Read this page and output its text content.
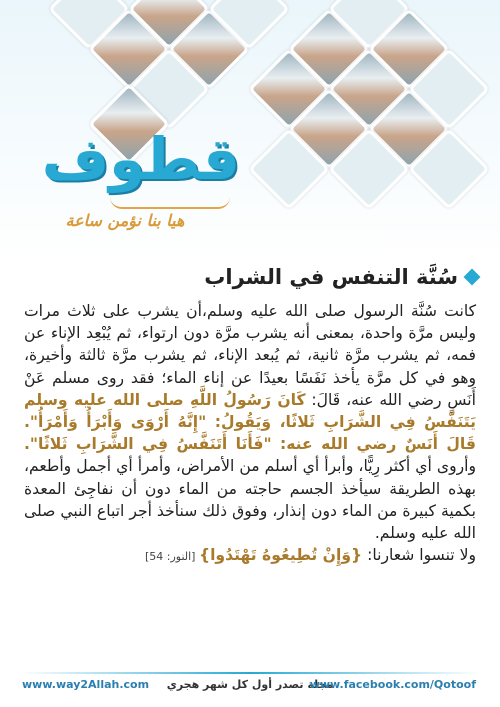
قطوف
هيا بنا نؤمن ساعة
سُنَّة التنفس في الشراب

كانت سُنَّة الرسول صلى الله عليه وسلم،أن يشرب على ثلاث مرات وليس مرَّة واحدة، بمعنى أنه يشرب مرَّة دون ارتواء، ثم يُبْعِد الإناء عن فمه، ثم يشرب مرَّة ثانية، ثم يُبعد الإناء، ثم يشرب مرَّة ثالثة وأخيرة، وهو في كل مرَّة يأخذ نَفَسًا بعيدًا عن إناء الماء؛ فقد روى مسلم عَنْ أَنَسٍ رضي الله عنه، قَالَ: كَانَ رَسُولُ اللَّهِ صلى الله عليه وسلم يَتَنَفَّسُ فِي الشَّرَابِ ثَلاثًا، وَيَقُولُ: "إِنَّهُ أَرْوَى وَأَبْرَأُ وَأَمْرَأُ". قَالَ أَنَسٌ رضي الله عنه: "فَأَنَا أَتَنَفَّسُ فِي الشَّرَابِ ثَلاثًا". وأروى أي أكثر رِيًّا، وأبرأ أي أسلم من الأمراض، وأمرأ أي أجمل وأطعم، بهذه الطريقة سيأخذ الجسم حاجته من الماء دون أن نفاجِئ المعدة بكمية كبيرة من الماء دون إنذار، وفوق ذلك سنأخذ أجر اتباع النبي صلى الله عليه وسلم.

ولا تنسوا شعارنا: {وَإِنْ تُطِيعُوهُ تَهْتَدُوا} [النور: 54]

www.way2Allah.com	مجلة تصدر أول كل شهر هجري
www.facebook.com/Qotoof
